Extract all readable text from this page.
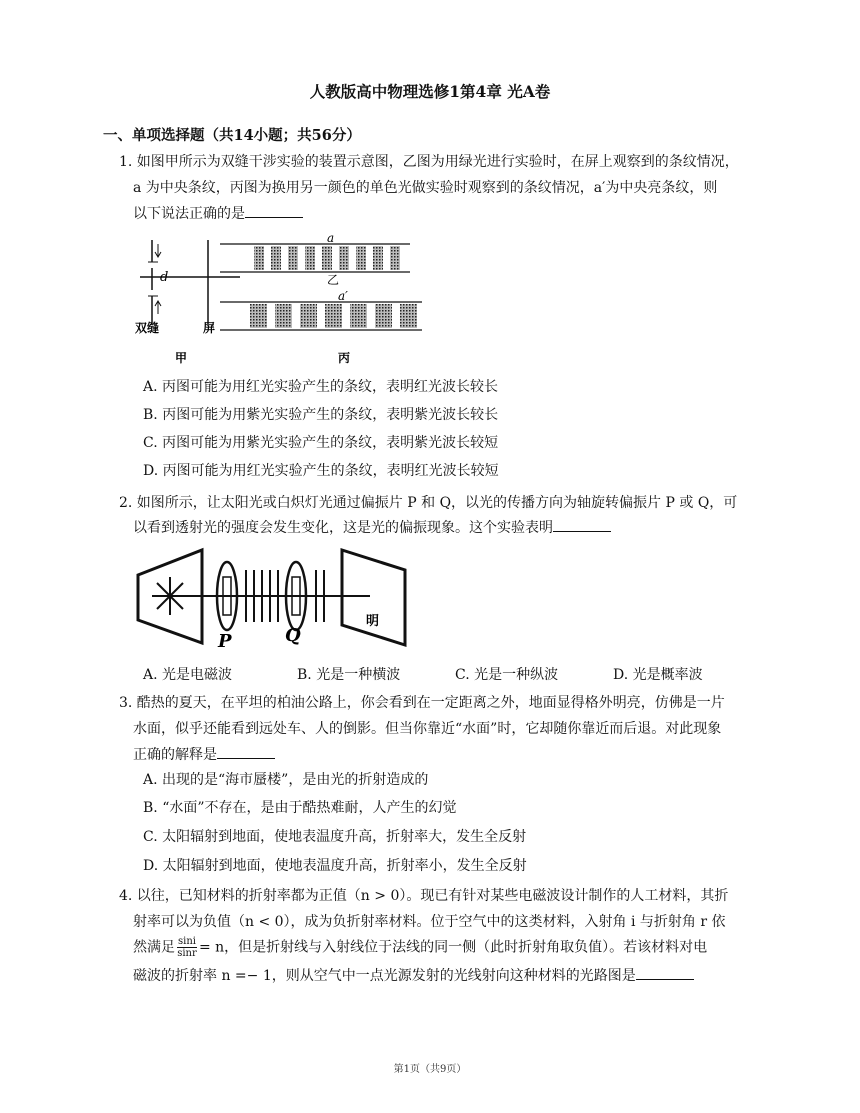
人教版高中物理选修1第4章 光A卷
一、单项选择题（共14小题；共56分）
1. 如图甲所示为双缝干涉实验的装置示意图，乙图为用绿光进行实验时，在屏上观察到的条纹情况，
a 为中央条纹，丙图为换用另一颜色的单色光做实验时观察到的条纹情况，a′为中央亮条纹，则
以下说法正确的是
d
双缝	屏
甲
a
乙
a′
丙
A. 丙图可能为用红光实验产生的条纹，表明红光波长较长
B. 丙图可能为用紫光实验产生的条纹，表明紫光波长较长
C. 丙图可能为用紫光实验产生的条纹，表明紫光波长较短
D. 丙图可能为用红光实验产生的条纹，表明红光波长较短
2. 如图所示，让太阳光或白炽灯光通过偏振片 P 和 Q，以光的传播方向为轴旋转偏振片 P 或 Q，可
以看到透射光的强度会发生变化，这是光的偏振现象。这个实验表明
P	Q
明
A. 光是电磁波	B. 光是一种横波	C. 光是一种纵波	D. 光是概率波
3. 酷热的夏天，在平坦的柏油公路上，你会看到在一定距离之外，地面显得格外明亮，仿佛是一片
水面，似乎还能看到远处车、人的倒影。但当你靠近“水面”时，它却随你靠近而后退。对此现象
正确的解释是
A. 出现的是“海市蜃楼”，是由光的折射造成的
B. “水面”不存在，是由于酷热难耐，人产生的幻觉
C. 太阳辐射到地面，使地表温度升高，折射率大，发生全反射
D. 太阳辐射到地面，使地表温度升高，折射率小，发生全反射
4. 以往，已知材料的折射率都为正值（n > 0）。现已有针对某些电磁波设计制作的人工材料，其折
射率可以为负值（n < 0），成为负折射率材料。位于空气中的这类材料，入射角 i 与折射角 r 依
然满足 $\frac{\sin i}{\sin r} = n$，但是折射线与入射线位于法线的同一侧（此时折射角取负值）。若该材料对电
磁波的折射率 n =− 1，则从空气中一点光源发射的光线射向这种材料的光路图是
第1页（共9页）
